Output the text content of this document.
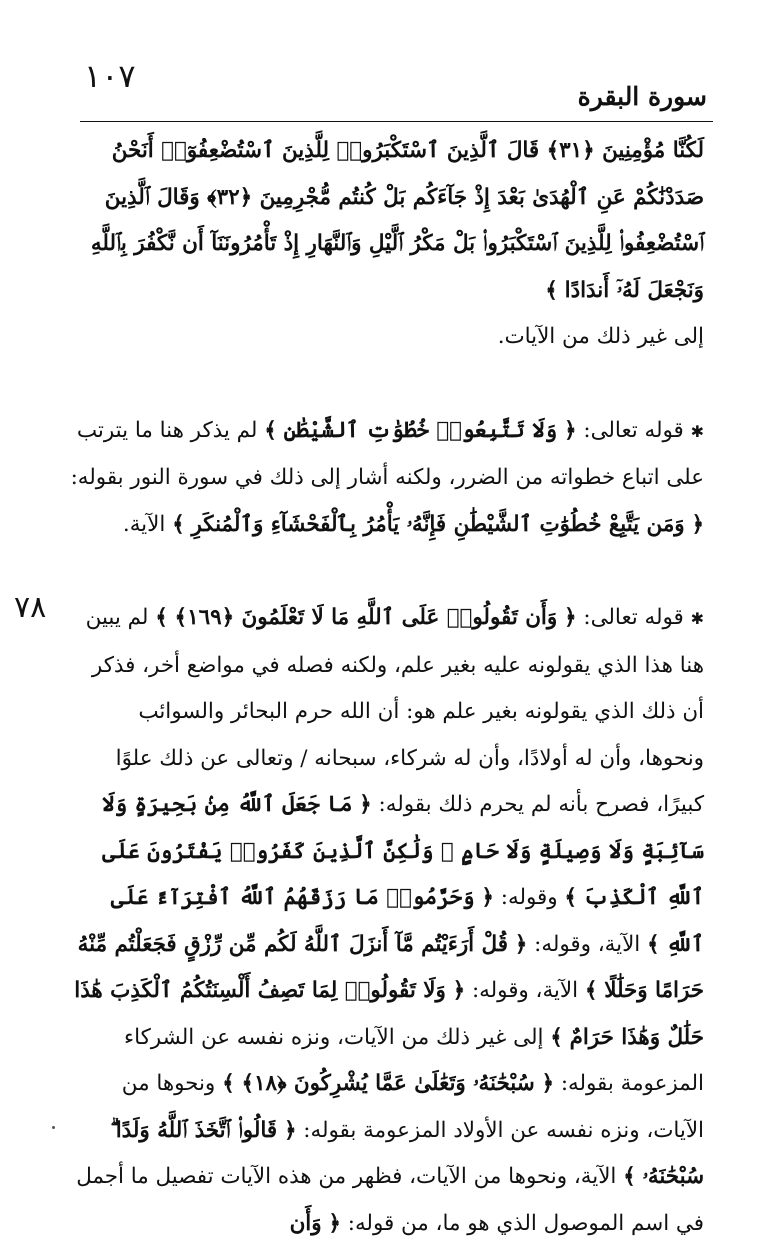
١٠٧
سورة البقرة
٧٨

لَكُنَّا مُؤْمِنِينَ ﴿٣١﴾ قَالَ ٱلَّذِينَ ٱسْتَكْبَرُوا۟ لِلَّذِينَ ٱسْتُضْعِفُوٓا۟ أَنَحْنُ صَدَدْنَٰكُمْ عَنِ ٱلْهُدَىٰ بَعْدَ إِذْ جَآءَكُم بَلْ كُنتُم مُّجْرِمِينَ ﴿٣٢﴾ وَقَالَ ٱلَّذِينَ ٱسْتُضْعِفُوا۟ لِلَّذِينَ ٱسْتَكْبَرُوا۟ بَلْ مَكْرُ ٱلَّيْلِ وَٱلنَّهَارِ إِذْ تَأْمُرُونَنَآ أَن نَّكْفُرَ بِٱللَّهِ وَنَجْعَلَ لَهُۥٓ أَندَادًا ﴾
إلى غير ذلك من الآيات.

✱ قوله تعالى: ﴿ وَلَا تَتَّبِعُوا۟ خُطُوَٰتِ ٱلشَّيْطَٰنِ ﴾ لم يذكر هنا ما يترتب على اتباع خطواته من الضرر، ولكنه أشار إلى ذلك في سورة النور بقوله: ﴿ وَمَن يَتَّبِعْ خُطُوَٰتِ ٱلشَّيْطَٰنِ فَإِنَّهُۥ يَأْمُرُ بِٱلْفَحْشَآءِ وَٱلْمُنكَرِ ﴾ الآية.

✱ قوله تعالى: ﴿ وَأَن تَقُولُوا۟ عَلَى ٱللَّهِ مَا لَا تَعْلَمُونَ ﴿١٦٩﴾ ﴾ لم يبين هنا هذا الذي يقولونه عليه بغير علم، ولكنه فصله في مواضع أخر، فذكر أن ذلك الذي يقولونه بغير علم هو: أن الله حرم البحائر والسوائب ونحوها، وأن له أولادًا، وأن له شركاء، سبحانه / وتعالى عن ذلك علوًا كبيرًا، فصرح بأنه لم يحرم ذلك بقوله: ﴿ مَا جَعَلَ ٱللَّهُ مِنۢ بَحِيرَةٍ وَلَا سَآئِبَةٍ وَلَا وَصِيلَةٍ وَلَا حَامٍ ۙ وَلَٰكِنَّ ٱلَّذِينَ كَفَرُوا۟ يَفْتَرُونَ عَلَى ٱللَّهِ ٱلْكَذِبَ ﴾ وقوله: ﴿ وَحَرَّمُوا۟ مَا رَزَقَهُمُ ٱللَّهُ ٱفْتِرَآءً عَلَى ٱللَّهِ ﴾ الآية، وقوله: ﴿ قُلْ أَرَءَيْتُم مَّآ أَنزَلَ ٱللَّهُ لَكُم مِّن رِّزْقٍ فَجَعَلْتُم مِّنْهُ حَرَامًا وَحَلَٰلًا ﴾ الآية، وقوله: ﴿ وَلَا تَقُولُوا۟ لِمَا تَصِفُ أَلْسِنَتُكُمُ ٱلْكَذِبَ هَٰذَا حَلَٰلٌ وَهَٰذَا حَرَامٌ ﴾ إلى غير ذلك من الآيات، ونزه نفسه عن الشركاء المزعومة بقوله: ﴿ سُبْحَٰنَهُۥ وَتَعَٰلَىٰ عَمَّا يُشْرِكُونَ ﴿١٨﴾ ﴾ ونحوها من الآيات، ونزه نفسه عن الأولاد المزعومة بقوله: ﴿ قَالُوا۟ ٱتَّخَذَ ٱللَّهُ وَلَدًا ۗ سُبْحَٰنَهُۥ ﴾ الآية، ونحوها من الآيات، فظهر من هذه الآيات تفصيل ما أجمل في اسم الموصول الذي هو ما، من قوله: ﴿ وَأَن
